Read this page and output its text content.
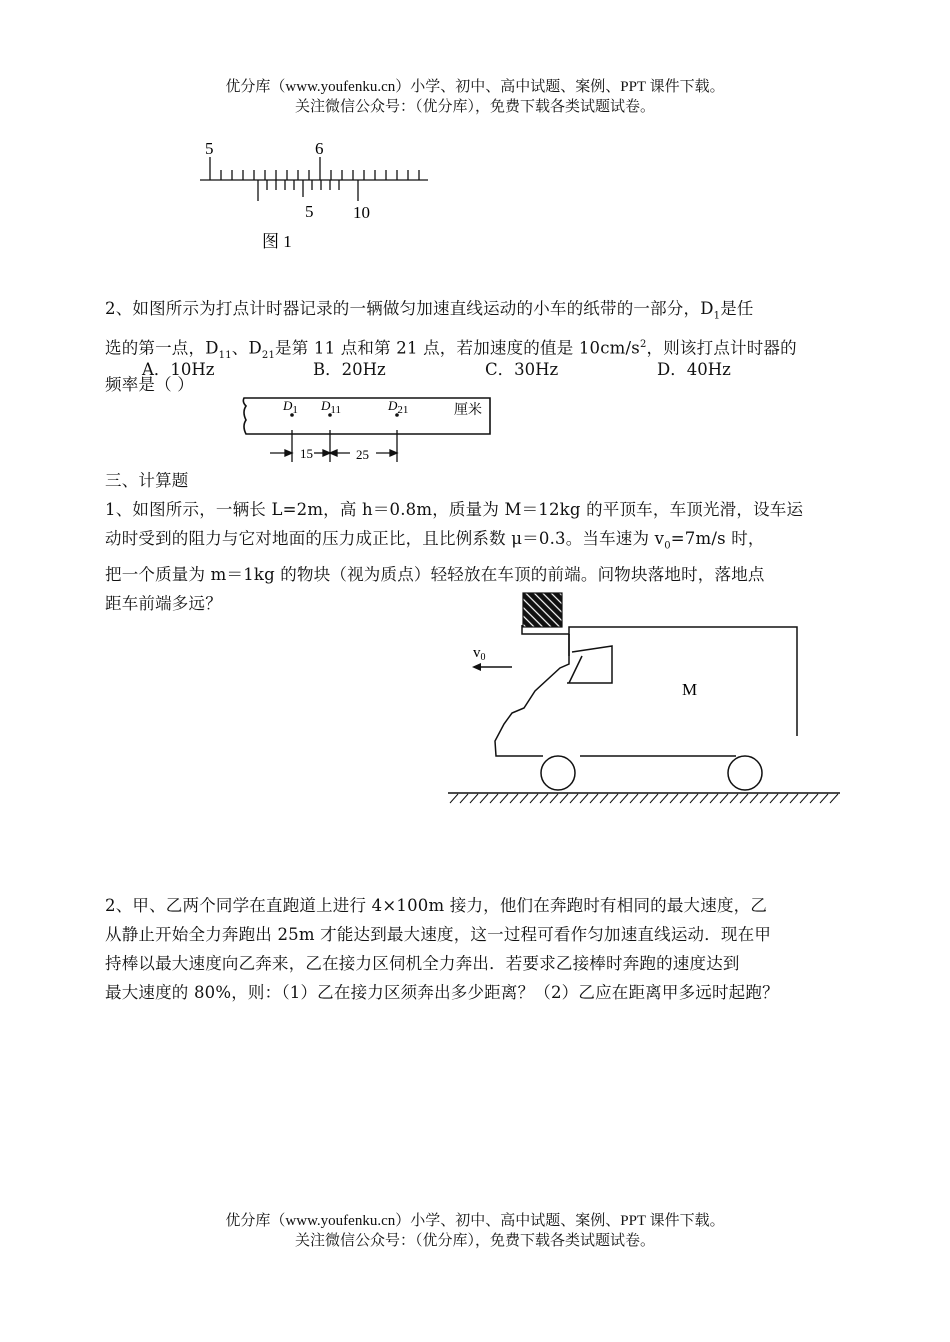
优分库（www.youfenku.cn）小学、初中、高中试题、案例、PPT 课件下载。
关注微信公众号：（优分库），免费下载各类试题试卷。
5	6
5 10
图 1
2、如图所示为打点计时器记录的一辆做匀加速直线运动的小车的纸带的一部分，$D_1$是任
选的第一点，$D_{11}$、$D_{21}$是第 11 点和第 21 点，若加速度的值是 $10cm/s^2$，则该打点计时器的
频率是（ ）
A．10Hz	B．20Hz	C．30Hz	D．40Hz
$D_1$ $D_{11}$	$D_{21}$	厘米
15	25
三、计算题
1、如图所示，一辆长 L=2m，高 h＝0.8m，质量为 M＝12kg 的平顶车，车顶光滑，设车运
动时受到的阻力与它对地面的压力成正比，且比例系数 μ＝0.3。当车速为 $v_0=7m/s$ 时，
把一个质量为 m＝1kg 的物块（视为质点）轻轻放在车顶的前端。问物块落地时，落地点
距车前端多远？
$v_0$
M
2、甲、乙两个同学在直跑道上进行 4×100m 接力，他们在奔跑时有相同的最大速度，乙
从静止开始全力奔跑出 25m 才能达到最大速度，这一过程可看作匀加速直线运动．现在甲
持棒以最大速度向乙奔来，乙在接力区伺机全力奔出．若要求乙接棒时奔跑的速度达到
最大速度的 80%，则：（1）乙在接力区须奔出多少距离？（2）乙应在距离甲多远时起跑？
优分库（www.youfenku.cn）小学、初中、高中试题、案例、PPT 课件下载。
关注微信公众号：（优分库），免费下载各类试题试卷。
